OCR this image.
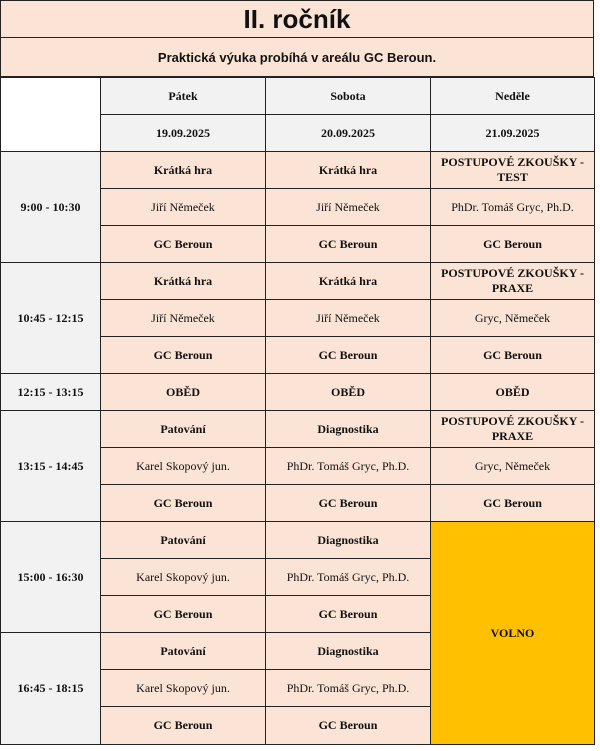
II. ročník
Praktická výuka probíhá v areálu GC Beroun.
	Pátek	Sobota	Neděle
	19.09.2025	20.09.2025	21.09.2025
9:00 - 10:30	Krátká hra	Krátká hra	POSTUPOVÉ ZKOUŠKY - TEST
	Jiří Němeček	Jiří Němeček	PhDr. Tomáš Gryc, Ph.D.
	GC Beroun	GC Beroun	GC Beroun
10:45 - 12:15	Krátká hra	Krátká hra	POSTUPOVÉ ZKOUŠKY - PRAXE
	Jiří Němeček	Jiří Němeček	Gryc, Němeček
	GC Beroun	GC Beroun	GC Beroun
12:15 - 13:15	OBĚD	OBĚD	OBĚD
13:15 - 14:45	Patování	Diagnostika	POSTUPOVÉ ZKOUŠKY - PRAXE
	Karel Skopový jun.	PhDr. Tomáš Gryc, Ph.D.	Gryc, Němeček
	GC Beroun	GC Beroun	GC Beroun
15:00 - 16:30	Patování	Diagnostika	VOLNO
	Karel Skopový jun.	PhDr. Tomáš Gryc, Ph.D.	
	GC Beroun	GC Beroun	
16:45 - 18:15	Patování	Diagnostika	
	Karel Skopový jun.	PhDr. Tomáš Gryc, Ph.D.	
	GC Beroun	GC Beroun	
